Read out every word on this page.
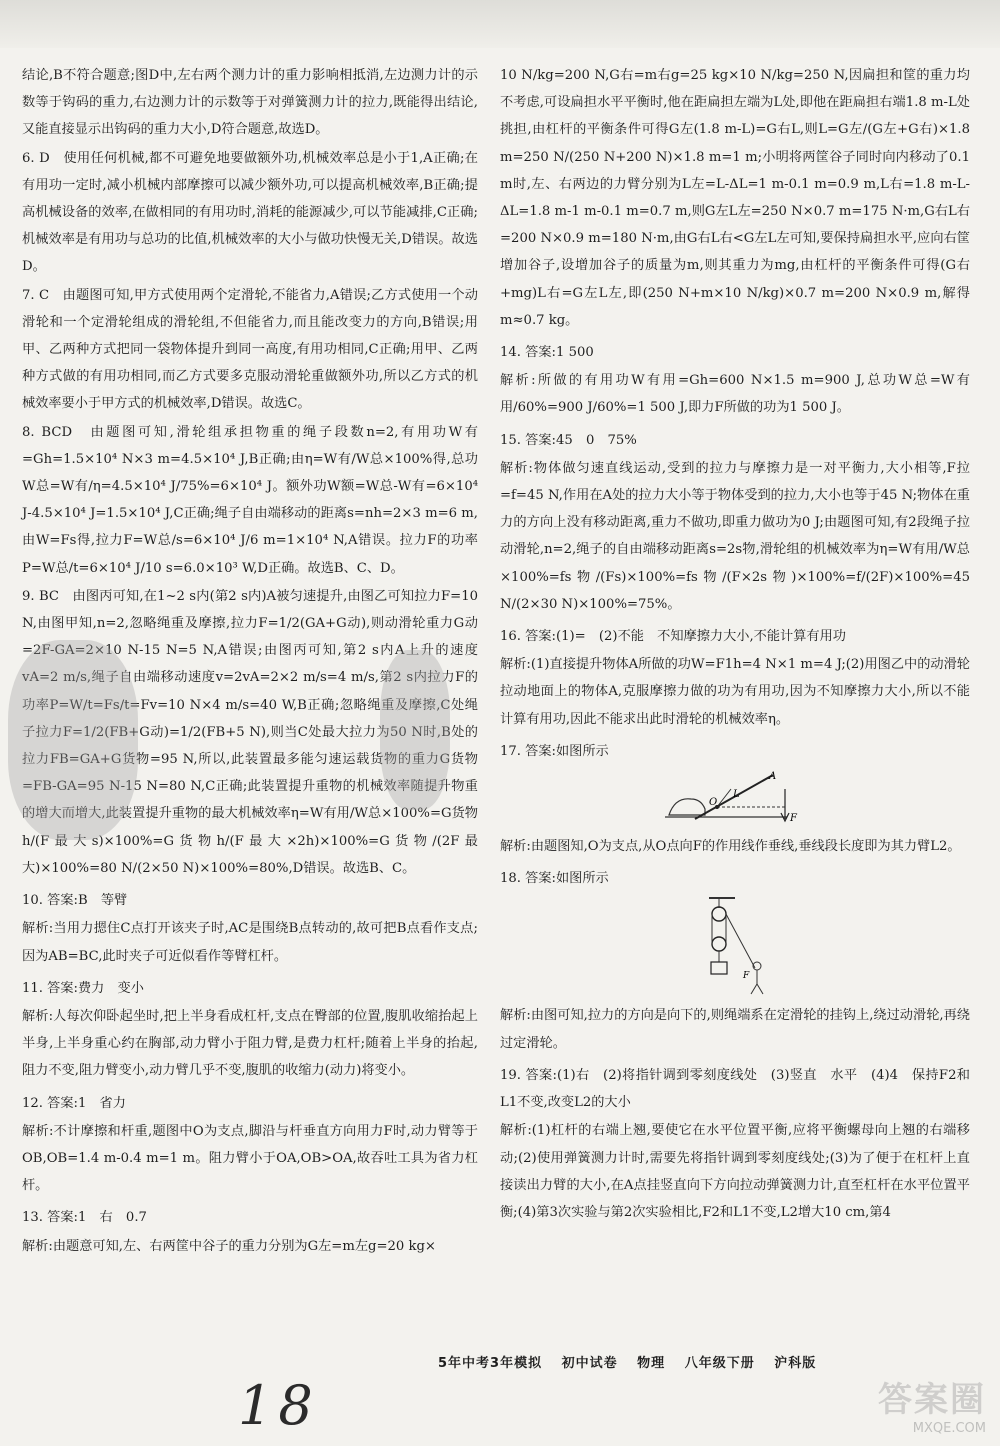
结论,B不符合题意;图D中,左右两个测力计的重力影响相抵消,左边测力计的示数等于钩码的重力,右边测力计的示数等于对弹簧测力计的拉力,既能得出结论,又能直接显示出钩码的重力大小,D符合题意,故选D。

6. D　使用任何机械,都不可避免地要做额外功,机械效率总是小于1,A正确;在有用功一定时,减小机械内部摩擦可以减少额外功,可以提高机械效率,B正确;提高机械设备的效率,在做相同的有用功时,消耗的能源减少,可以节能减排,C正确;机械效率是有用功与总功的比值,机械效率的大小与做功快慢无关,D错误。故选D。

7. C　由题图可知,甲方式使用两个定滑轮,不能省力,A错误;乙方式使用一个动滑轮和一个定滑轮组成的滑轮组,不但能省力,而且能改变力的方向,B错误;用甲、乙两种方式把同一袋物体提升到同一高度,有用功相同,C正确;用甲、乙两种方式做的有用功相同,而乙方式要多克服动滑轮重做额外功,所以乙方式的机械效率要小于甲方式的机械效率,D错误。故选C。

8. BCD　由题图可知,滑轮组承担物重的绳子段数n=2,有用功W有=Gh=1.5×10⁴ N×3 m=4.5×10⁴ J,B正确;由η=W有/W总×100%得,总功W总=W有/η=4.5×10⁴ J/75%=6×10⁴ J。额外功W额=W总-W有=6×10⁴ J-4.5×10⁴ J=1.5×10⁴ J,C正确;绳子自由端移动的距离s=nh=2×3 m=6 m,由W=Fs得,拉力F=W总/s=6×10⁴ J/6 m=1×10⁴ N,A错误。拉力F的功率P=W总/t=6×10⁴ J/10 s=6.0×10³ W,D正确。故选B、C、D。

9. BC　由图丙可知,在1~2 s内(第2 s内)A被匀速提升,由图乙可知拉力F=10 N,由图甲知,n=2,忽略绳重及摩擦,拉力F=1/2(GA+G动),则动滑轮重力G动=2F-GA=2×10 N-15 N=5 N,A错误;由图丙可知,第2 s内A上升的速度vA=2 m/s,绳子自由端移动速度v=2vA=2×2 m/s=4 m/s,第2 s内拉力F的功率P=W/t=Fs/t=Fv=10 N×4 m/s=40 W,B正确;忽略绳重及摩擦,C处绳子拉力F=1/2(FB+G动)=1/2(FB+5 N),则当C处最大拉力为50 N时,B处的拉力FB=GA+G货物=95 N,所以,此装置最多能匀速运载货物的重力G货物=FB-GA=95 N-15 N=80 N,C正确;此装置提升重物的机械效率随提升物重的增大而增大,此装置提升重物的最大机械效率η=W有用/W总×100%=G货物h/(F最大s)×100%=G货物h/(F最大×2h)×100%=G货物/(2F最大)×100%=80 N/(2×50 N)×100%=80%,D错误。故选B、C。

10. 答案:B　等臂

解析:当用力摁住C点打开该夹子时,AC是围绕B点转动的,故可把B点看作支点;因为AB=BC,此时夹子可近似看作等臂杠杆。

11. 答案:费力　变小

解析:人每次仰卧起坐时,把上半身看成杠杆,支点在臀部的位置,腹肌收缩抬起上半身,上半身重心约在胸部,动力臂小于阻力臂,是费力杠杆;随着上半身的抬起,阻力不变,阻力臂变小,动力臂几乎不变,腹肌的收缩力(动力)将变小。

12. 答案:1　省力

解析:不计摩擦和杆重,题图中O为支点,脚沿与杆垂直方向用力F时,动力臂等于OB,OB=1.4 m-0.4 m=1 m。阻力臂小于OA,OB>OA,故吞吐工具为省力杠杆。

13. 答案:1　右　0.7

解析:由题意可知,左、右两筐中谷子的重力分别为G左=m左g=20 kg×

10 N/kg=200 N,G右=m右g=25 kg×10 N/kg=250 N,因扁担和筐的重力均不考虑,可设扁担水平平衡时,他在距扁担左端为L处,即他在距扁担右端1.8 m-L处挑担,由杠杆的平衡条件可得G左(1.8 m-L)=G右L,则L=G左/(G左+G右)×1.8 m=250 N/(250 N+200 N)×1.8 m=1 m;小明将两筐谷子同时向内移动了0.1 m时,左、右两边的力臂分别为L左=L-ΔL=1 m-0.1 m=0.9 m,L右=1.8 m-L-ΔL=1.8 m-1 m-0.1 m=0.7 m,则G左L左=250 N×0.7 m=175 N·m,G右L右=200 N×0.9 m=180 N·m,由G右L右<G左L左可知,要保持扁担水平,应向右筐增加谷子,设增加谷子的质量为m,则其重力为mg,由杠杆的平衡条件可得(G右+mg)L右=G左L左,即(250 N+m×10 N/kg)×0.7 m=200 N×0.9 m,解得m≈0.7 kg。

14. 答案:1 500

解析:所做的有用功W有用=Gh=600 N×1.5 m=900 J,总功W总=W有用/60%=900 J/60%=1 500 J,即力F所做的功为1 500 J。

15. 答案:45　0　75%

解析:物体做匀速直线运动,受到的拉力与摩擦力是一对平衡力,大小相等,F拉=f=45 N,作用在A处的拉力大小等于物体受到的拉力,大小也等于45 N;物体在重力的方向上没有移动距离,重力不做功,即重力做功为0 J;由题图可知,有2段绳子拉动滑轮,n=2,绳子的自由端移动距离s=2s物,滑轮组的机械效率为η=W有用/W总×100%=fs物/(Fs)×100%=fs物/(F×2s物)×100%=f/(2F)×100%=45 N/(2×30 N)×100%=75%。

16. 答案:(1)=　(2)不能　不知摩擦力大小,不能计算有用功

解析:(1)直接提升物体A所做的功W=F1h=4 N×1 m=4 J;(2)用图乙中的动滑轮拉动地面上的物体A,克服摩擦力做的功为有用功,因为不知摩擦力大小,所以不能计算有用功,因此不能求出此时滑轮的机械效率η。

17. 答案:如图所示

A
O
L
F

解析:由题图知,O为支点,从O点向F的作用线作垂线,垂线段长度即为其力臂L2。

18. 答案:如图所示

F

解析:由图可知,拉力的方向是向下的,则绳端系在定滑轮的挂钩上,绕过动滑轮,再绕过定滑轮。

19. 答案:(1)右　(2)将指针调到零刻度线处　(3)竖直　水平　(4)4　保持F2和L1不变,改变L2的大小

解析:(1)杠杆的右端上翘,要使它在水平位置平衡,应将平衡螺母向上翘的右端移动;(2)使用弹簧测力计时,需要先将指针调到零刻度线处;(3)为了便于在杠杆上直接读出力臂的大小,在A点挂竖直向下方向拉动弹簧测力计,直至杠杆在水平位置平衡;(4)第3次实验与第2次实验相比,F2和L1不变,L2增大10 cm,第4

5年中考3年模拟 初中试卷 物理 八年级下册 沪科版
18	答案圈
MXQE.COM
